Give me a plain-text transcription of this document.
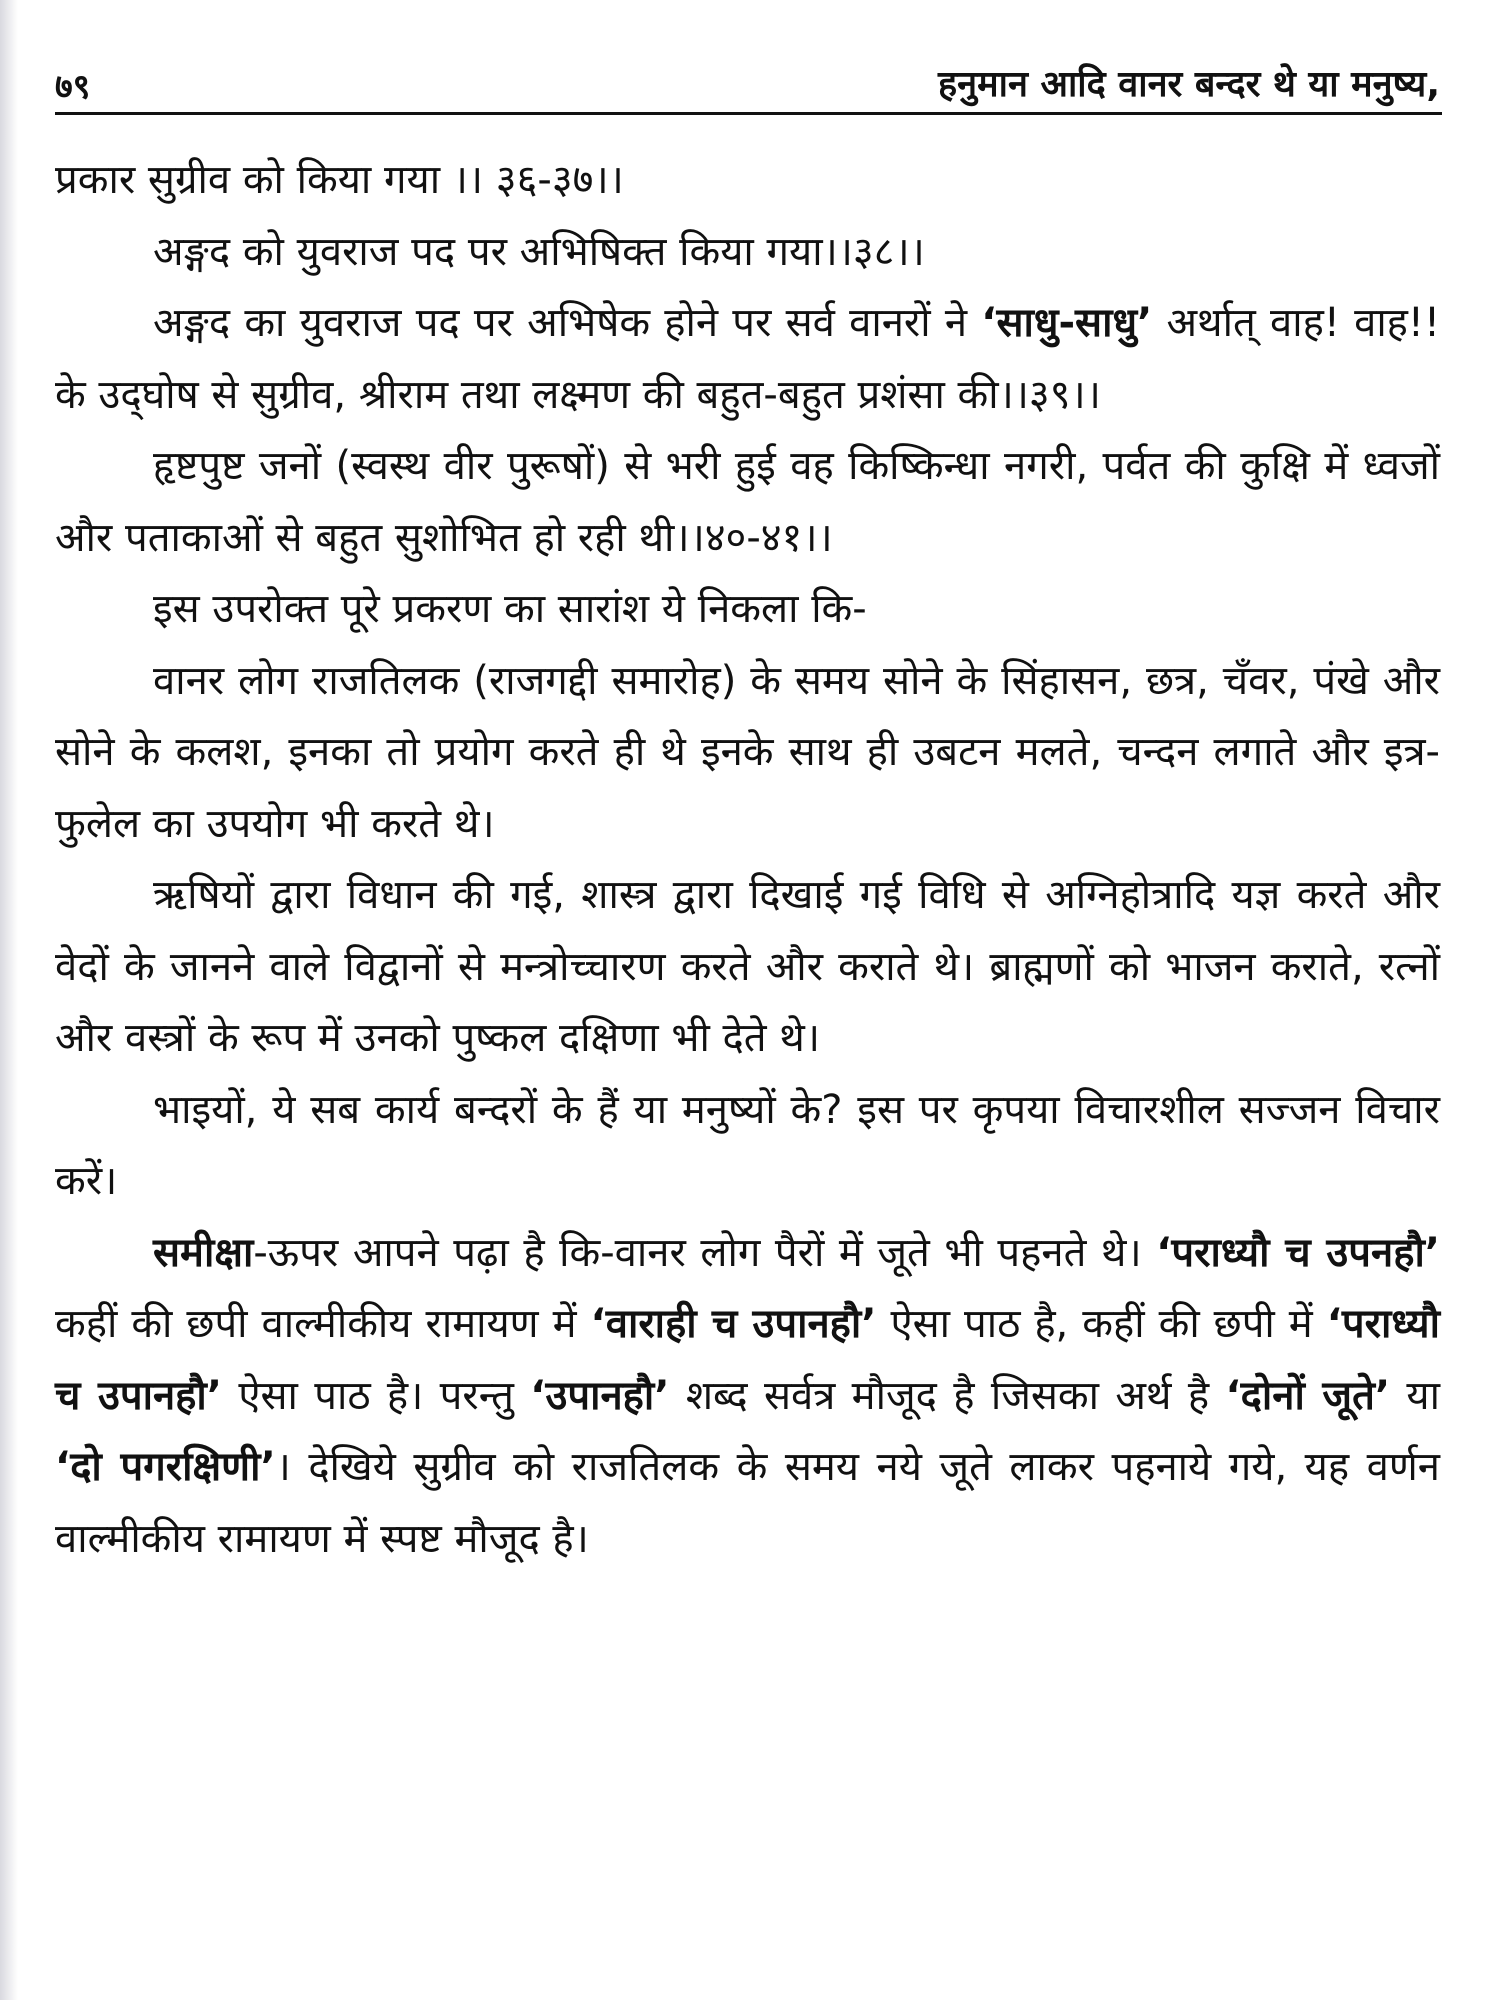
७९	हनुमान आदि वानर बन्दर थे या मनुष्य,

प्रकार सुग्रीव को किया गया ।। ३६-३७।।

अङ्गद को युवराज पद पर अभिषिक्त किया गया।।३८।।

अङ्गद का युवराज पद पर अभिषेक होने पर सर्व वानरों ने ‘साधु-साधु’ अर्थात् वाह! वाह!! के उद्‌घोष से सुग्रीव, श्रीराम तथा लक्ष्मण की बहुत-बहुत प्रशंसा की।।३९।।

हृष्टपुष्ट जनों (स्वस्थ वीर पुरूषों) से भरी हुई वह किष्किन्धा नगरी, पर्वत की कुक्षि में ध्वजों और पताकाओं से बहुत सुशोभित हो रही थी।।४०-४१।।

इस उपरोक्त पूरे प्रकरण का सारांश ये निकला कि-

वानर लोग राजतिलक (राजगद्दी समारोह) के समय सोने के सिंहासन, छत्र, चँवर, पंखे और सोने के कलश, इनका तो प्रयोग करते ही थे इनके साथ ही उबटन मलते, चन्दन लगाते और इत्र-फुलेल का उपयोग भी करते थे।

ऋषियों द्वारा विधान की गई, शास्त्र द्वारा दिखाई गई विधि से अग्निहोत्रादि यज्ञ करते और वेदों के जानने वाले विद्वानों से मन्त्रोच्चारण करते और कराते थे। ब्राह्मणों को भाजन कराते, रत्नों और वस्त्रों के रूप में उनको पुष्कल दक्षिणा भी देते थे।

भाइयों, ये सब कार्य बन्दरों के हैं या मनुष्यों के? इस पर कृपया विचारशील सज्जन विचार करें।

समीक्षा-ऊपर आपने पढ़ा है कि-वानर लोग पैरों में जूते भी पहनते थे। ‘पराध्यौ च उपनहौ’ कहीं की छपी वाल्मीकीय रामायण में ‘वाराही च उपानहौ’ ऐसा पाठ है, कहीं की छपी में ‘पराध्यौ च उपानहौ’ ऐसा पाठ है। परन्तु ‘उपानहौ’ शब्द सर्वत्र मौजूद है जिसका अर्थ है ‘दोनों जूते’ या ‘दो पगरक्षिणी’। देखिये सुग्रीव को राजतिलक के समय नये जूते लाकर पहनाये गये, यह वर्णन वाल्मीकीय रामायण में स्पष्ट मौजूद है।
